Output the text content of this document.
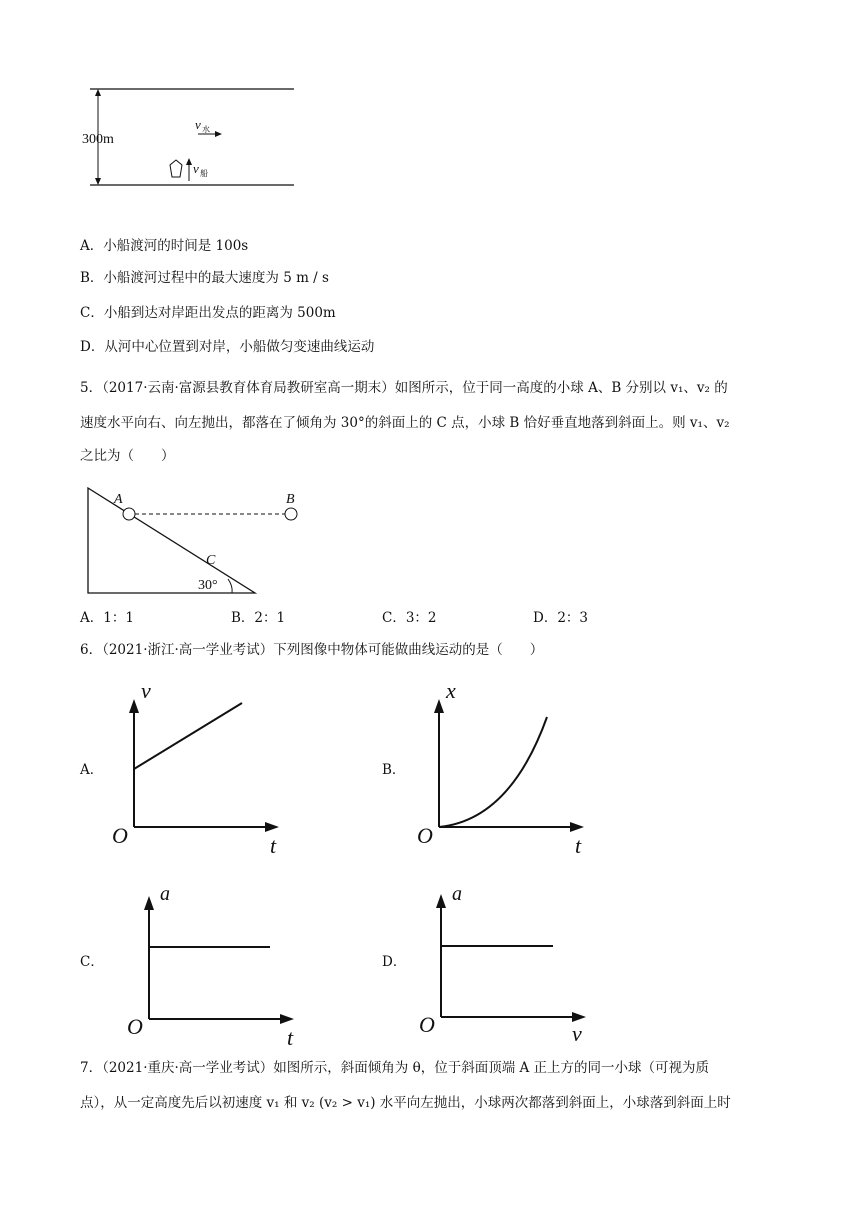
300m
v 水
v 船
A．小船渡河的时间是 100s
B．小船渡河过程中的最大速度为 5 m / s
C．小船到达对岸距出发点的距离为 500m
D．从河中心位置到对岸，小船做匀变速曲线运动
5．（2017·云南·富源县教育体育局教研室高一期末）如图所示，位于同一高度的小球 A、B 分别以 v₁、v₂ 的
速度水平向右、向左抛出，都落在了倾角为 30°的斜面上的 C 点，小球 B 恰好垂直地落到斜面上。则 v₁、v₂
之比为（　　）
A	B
C
30°
A．1：1	B．2：1	C．3：2	D．2：3
6．（2021·浙江·高一学业考试）下列图像中物体可能做曲线运动的是（　　）
A．
v
t
O
B．
x
t
O
C．
a
t
O
D．
a
v
O
7．（2021·重庆·高一学业考试）如图所示，斜面倾角为 θ，位于斜面顶端 A 正上方的同一小球（可视为质
点），从一定高度先后以初速度 v₁ 和 v₂ (v₂ > v₁) 水平向左抛出，小球两次都落到斜面上，小球落到斜面上时
